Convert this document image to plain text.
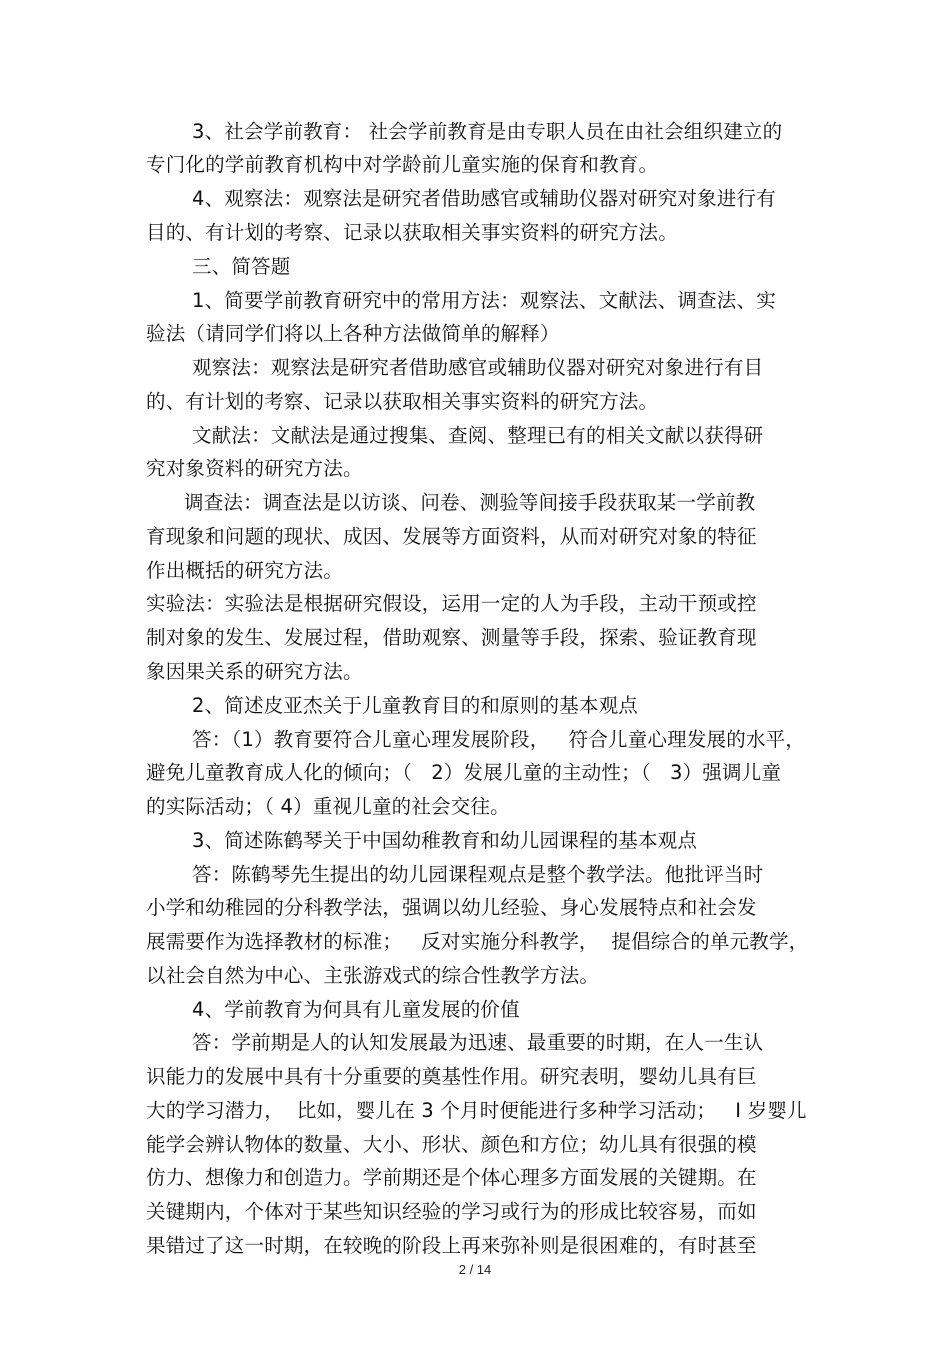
3、社会学前教育： 社会学前教育是由专职人员在由社会组织建立的
专门化的学前教育机构中对学龄前儿童实施的保育和教育。
4、观察法：观察法是研究者借助感官或辅助仪器对研究对象进行有
目的、有计划的考察、记录以获取相关事实资料的研究方法。
三、简答题
1、简要学前教育研究中的常用方法：观察法、文献法、调查法、实
验法（请同学们将以上各种方法做简单的解释）
观察法：观察法是研究者借助感官或辅助仪器对研究对象进行有目
的、有计划的考察、记录以获取相关事实资料的研究方法。
文献法：文献法是通过搜集、查阅、整理已有的相关文献以获得研
究对象资料的研究方法。
调查法：调查法是以访谈、问卷、测验等间接手段获取某一学前教
育现象和问题的现状、成因、发展等方面资料，从而对研究对象的特征
作出概括的研究方法。
实验法：实验法是根据研究假设，运用一定的人为手段，主动干预或控
制对象的发生、发展过程，借助观察、测量等手段，探索、验证教育现
象因果关系的研究方法。
2、简述皮亚杰关于儿童教育目的和原则的基本观点
答：（1）教育要符合儿童心理发展阶段，   符合儿童心理发展的水平，
避免儿童教育成人化的倾向；（   2）发展儿童的主动性；（   3）强调儿童
的实际活动；（ 4）重视儿童的社会交往。
3、简述陈鹤琴关于中国幼稚教育和幼儿园课程的基本观点
答：陈鹤琴先生提出的幼儿园课程观点是整个教学法。他批评当时
小学和幼稚园的分科教学法，强调以幼儿经验、身心发展特点和社会发
展需要作为选择教材的标准；   反对实施分科教学，  提倡综合的单元教学，
以社会自然为中心、主张游戏式的综合性教学方法。
4、学前教育为何具有儿童发展的价值
答：学前期是人的认知发展最为迅速、最重要的时期，在人一生认
识能力的发展中具有十分重要的奠基性作用。研究表明，婴幼儿具有巨
大的学习潜力，  比如，婴儿在 3 个月时便能进行多种学习活动；   I 岁婴儿
能学会辨认物体的数量、大小、形状、颜色和方位；幼儿具有很强的模
仿力、想像力和创造力。学前期还是个体心理多方面发展的关键期。在
关键期内，个体对于某些知识经验的学习或行为的形成比较容易，而如
果错过了这一时期，在较晚的阶段上再来弥补则是很困难的，有时甚至
2 / 14
